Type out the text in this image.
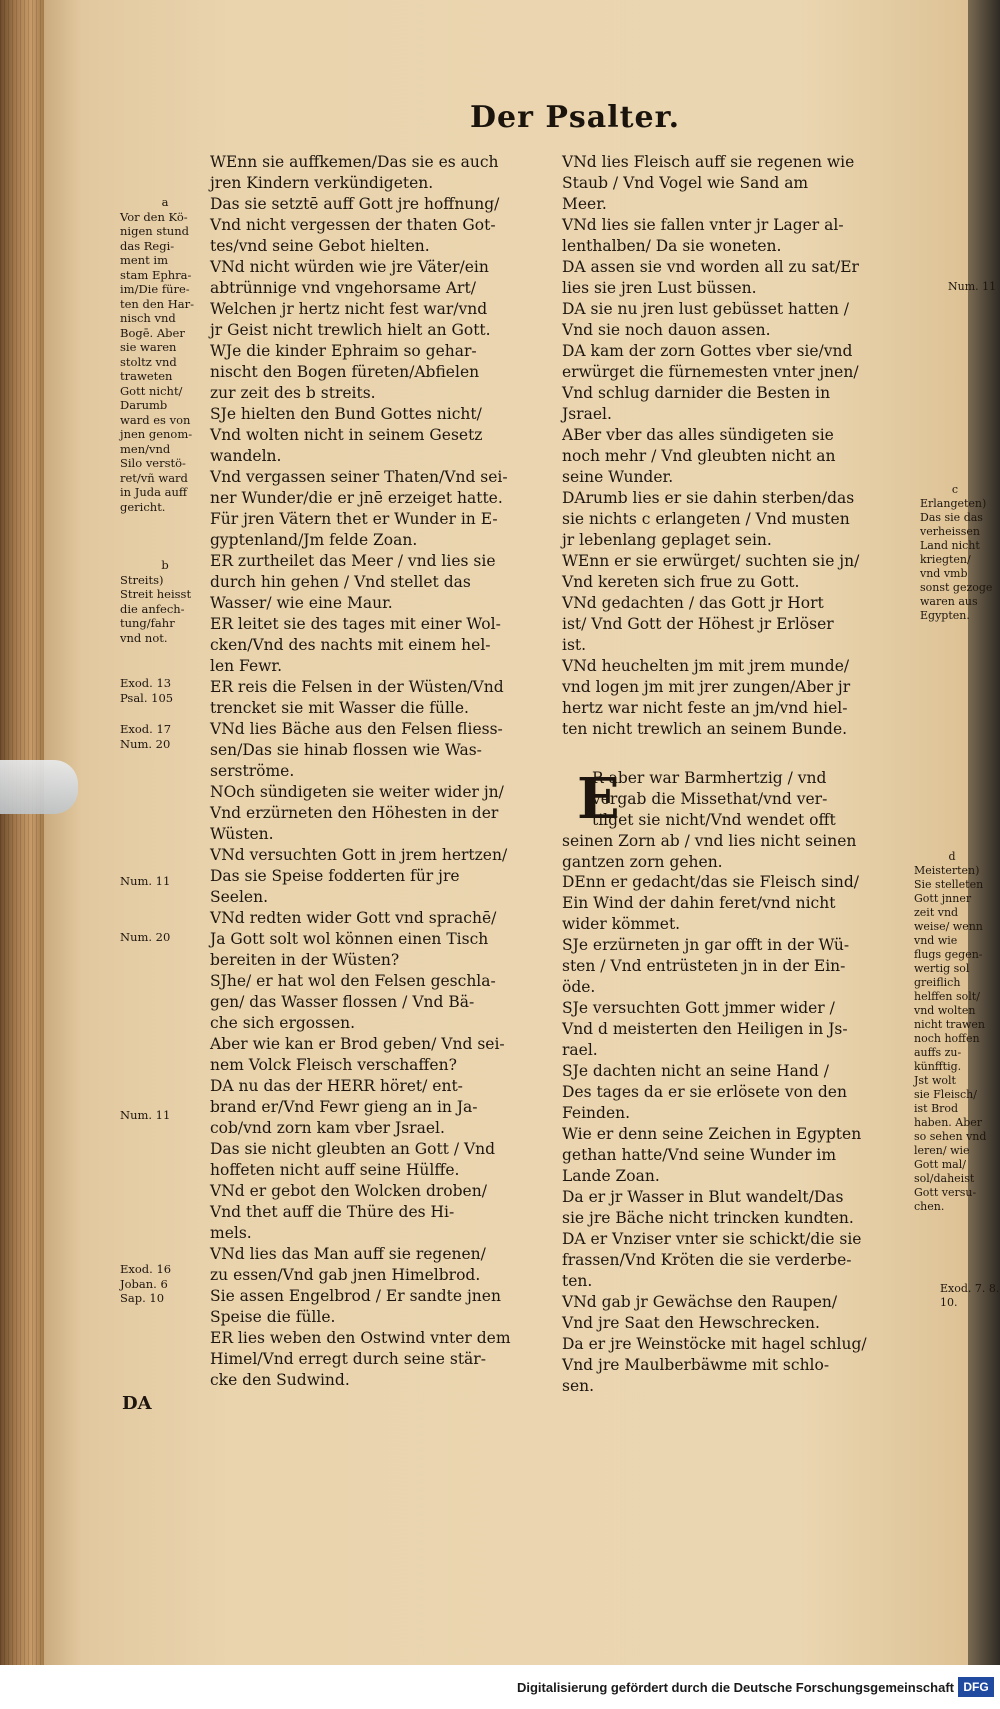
Der Psalter.
WEnn sie auffkemen/Das sie es auch
jren Kindern verkündigeten.
Das sie setztē auff Gott jre hoffnung/
Vnd nicht vergessen der thaten Got-
tes/vnd seine Gebot hielten.
VNd nicht würden wie jre Väter/ein
abtrünnige vnd vngehorsame Art/
Welchen jr hertz nicht fest war/vnd
jr Geist nicht trewlich hielt an Gott.
WJe die kinder Ephraim so gehar-
nischt den Bogen füreten/Abfielen
zur zeit des b streits.
SJe hielten den Bund Gottes nicht/
Vnd wolten nicht in seinem Gesetz
wandeln.
Vnd vergassen seiner Thaten/Vnd sei-
ner Wunder/die er jnē erzeiget hatte.
Für jren Vätern thet er Wunder in E-
gyptenland/Jm felde Zoan.
ER zurtheilet das Meer / vnd lies sie
durch hin gehen / Vnd stellet das
Wasser/ wie eine Maur.
ER leitet sie des tages mit einer Wol-
cken/Vnd des nachts mit einem hel-
len Fewr.
ER reis die Felsen in der Wüsten/Vnd
trencket sie mit Wasser die fülle.
VNd lies Bäche aus den Felsen fliess-
sen/Das sie hinab flossen wie Was-
serströme.
NOch sündigeten sie weiter wider jn/
Vnd erzürneten den Höhesten in der
Wüsten.
VNd versuchten Gott in jrem hertzen/
Das sie Speise fodderten für jre
Seelen.
VNd redten wider Gott vnd sprachē/
Ja Gott solt wol können einen Tisch
bereiten in der Wüsten?
SJhe/ er hat wol den Felsen geschla-
gen/ das Wasser flossen / Vnd Bä-
che sich ergossen.
Aber wie kan er Brod geben/ Vnd sei-
nem Volck Fleisch verschaffen?
DA nu das der HERR höret/ ent-
brand er/Vnd Fewr gieng an in Ja-
cob/vnd zorn kam vber Jsrael.
Das sie nicht gleubten an Gott / Vnd
hoffeten nicht auff seine Hülffe.
VNd er gebot den Wolcken droben/
Vnd thet auff die Thüre des Hi-
mels.
VNd lies das Man auff sie regenen/
zu essen/Vnd gab jnen Himelbrod.
Sie assen Engelbrod / Er sandte jnen
Speise die fülle.
ER lies weben den Ostwind vnter dem
Himel/Vnd erregt durch seine stär-
cke den Sudwind.
VNd lies Fleisch auff sie regenen wie
Staub / Vnd Vogel wie Sand am
Meer.
VNd lies sie fallen vnter jr Lager al-
lenthalben/ Da sie woneten.
DA assen sie vnd worden all zu sat/Er
lies sie jren Lust büssen.
DA sie nu jren lust gebüsset hatten /
Vnd sie noch dauon assen.
DA kam der zorn Gottes vber sie/vnd
erwürget die fürnemesten vnter jnen/
Vnd schlug darnider die Besten in
Jsrael.
ABer vber das alles sündigeten sie
noch mehr / Vnd gleubten nicht an
seine Wunder.
DArumb lies er sie dahin sterben/das
sie nichts c erlangeten / Vnd musten
jr lebenlang geplaget sein.
WEnn er sie erwürget/ suchten sie jn/
Vnd kereten sich frue zu Gott.
VNd gedachten / das Gott jr Hort
ist/ Vnd Gott der Höhest jr Erlöser
ist.
VNd heuchelten jm mit jrem munde/
vnd logen jm mit jrer zungen/Aber jr
hertz war nicht feste an jm/vnd hiel-
ten nicht trewlich an seinem Bunde.
E
R aber war Barmhertzig / vnd
vergab die Missethat/vnd ver-
tilget sie nicht/Vnd wendet offt
seinen Zorn ab / vnd lies nicht seinen
gantzen zorn gehen.
DEnn er gedacht/das sie Fleisch sind/
Ein Wind der dahin feret/vnd nicht
wider kömmet.
SJe erzürneten jn gar offt in der Wü-
sten / Vnd entrüsteten jn in der Ein-
öde.
SJe versuchten Gott jmmer wider /
Vnd d meisterten den Heiligen in Js-
rael.
SJe dachten nicht an seine Hand /
Des tages da er sie erlösete von den
Feinden.
Wie er denn seine Zeichen in Egypten
gethan hatte/Vnd seine Wunder im
Lande Zoan.
Da er jr Wasser in Blut wandelt/Das
sie jre Bäche nicht trincken kundten.
DA er Vnziser vnter sie schickt/die sie
frassen/Vnd Kröten die sie verderbe-
ten.
VNd gab jr Gewächse den Raupen/
Vnd jre Saat den Hewschrecken.
Da er jre Weinstöcke mit hagel schlug/
Vnd jre Maulberbäwme mit schlo-
sen.
DA
a
Vor den Kö-
nigen stund
das Regi-
ment im
stam Ephra-
im/Die füre-
ten den Har-
nisch vnd
Bogē. Aber
sie waren
stoltz vnd
traweten
Gott nicht/
Darumb
ward es von
jnen genom-
men/vnd
Silo verstö-
ret/vñ ward
in Juda auff
gericht.
b
Streits)
Streit heisst
die anfech-
tung/fahr
vnd not.
Exod. 13
Psal. 105
Exod. 17
Num. 20
Num. 11
Num. 20
Num. 11
Exod. 16
Joban. 6
Sap. 10
Num. 11
c
Erlangeten)
Das sie das
verheissen
Land nicht
kriegten/
vnd vmb
sonst gezoge
waren aus
Egypten.
d
Meisterten)
Sie stelleten
Gott jnner
zeit vnd
weise/ wenn
vnd wie
flugs gegen-
wertig sol
greiflich
helffen solt/
vnd wolten
nicht trawen
noch hoffen
auffs zu-
künfftig.
Jst wolt
sie Fleisch/
ist Brod
haben. Aber
so sehen vnd
leren/ wie
Gott mal/
sol/daheist
Gott versu-
chen.
Exod. 7. 8.
10.
Digitalisierung gefördert durch die Deutsche Forschungsgemeinschaft DFG
